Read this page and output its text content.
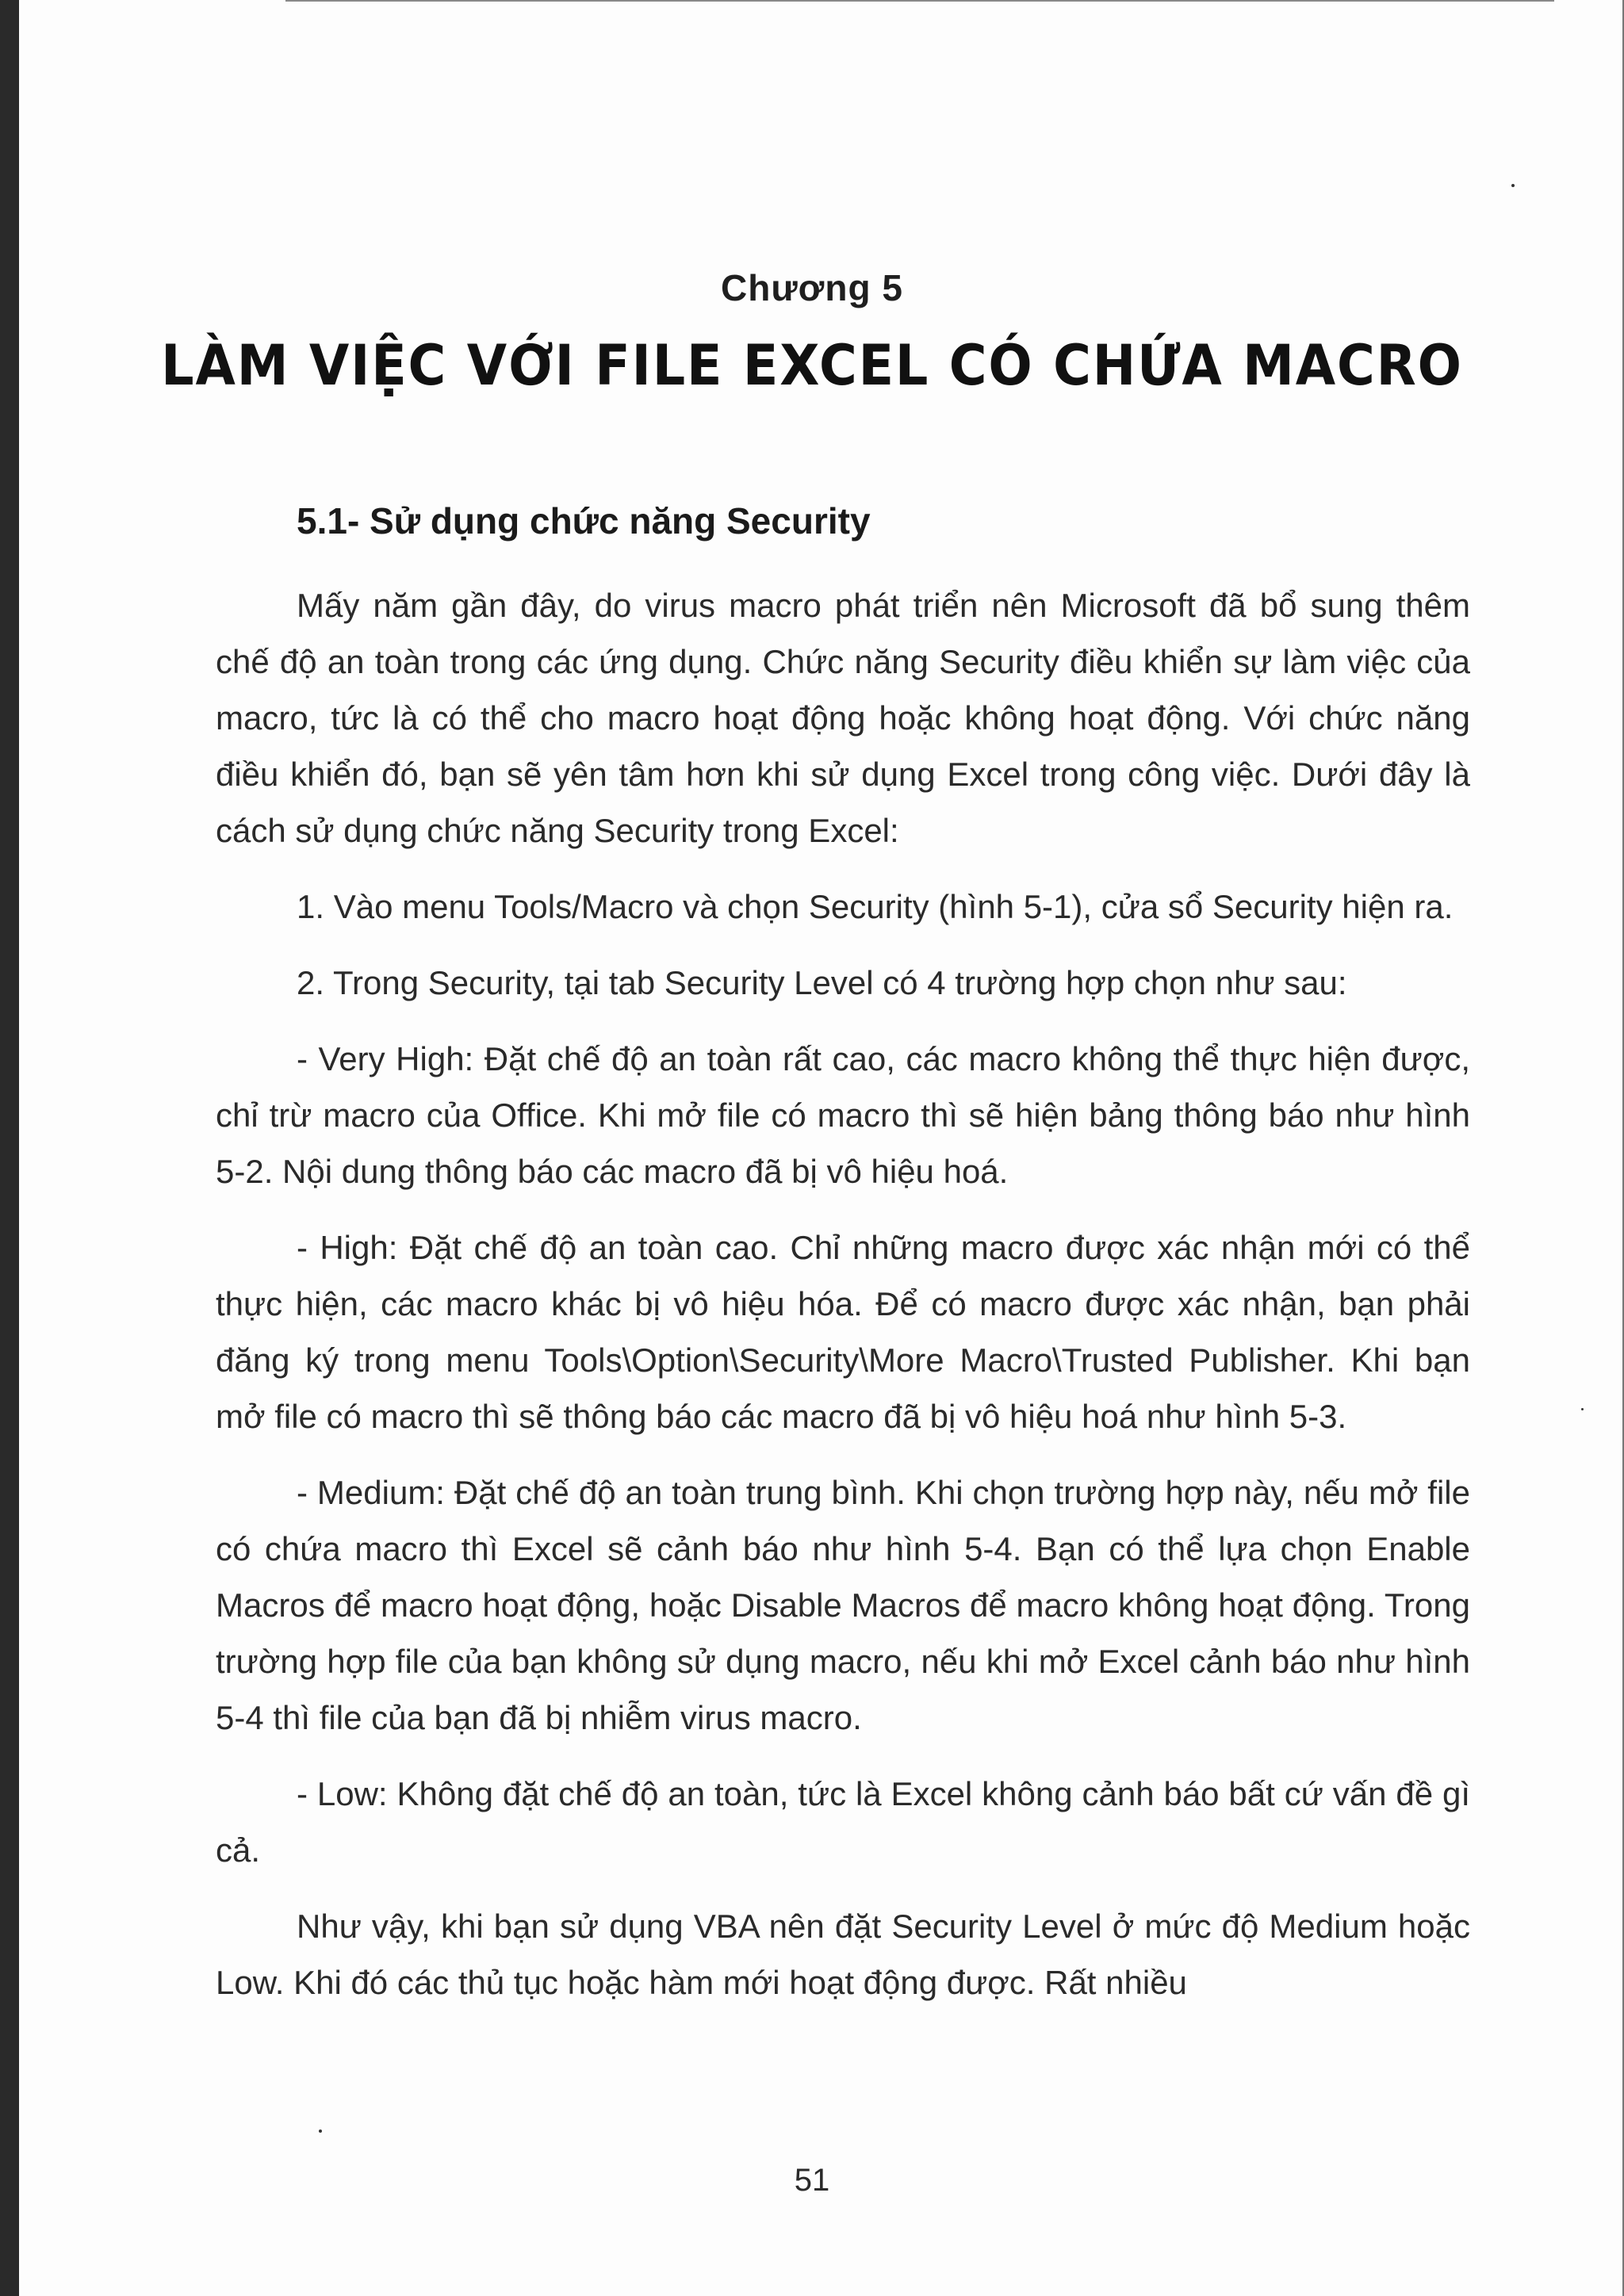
Chương 5
LÀM VIỆC VỚI FILE EXCEL CÓ CHỨA MACRO
5.1- Sử dụng chức năng Security

Mấy năm gần đây, do virus macro phát triển nên Microsoft đã bổ sung thêm chế độ an toàn trong các ứng dụng. Chức năng Security điều khiển sự làm việc của macro, tức là có thể cho macro hoạt động hoặc không hoạt động. Với chức năng điều khiển đó, bạn sẽ yên tâm hơn khi sử dụng Excel trong công việc. Dưới đây là cách sử dụng chức năng Security trong Excel:

1. Vào menu Tools/Macro và chọn Security (hình 5-1), cửa sổ Security hiện ra.

2. Trong Security, tại tab Security Level có 4 trường hợp chọn như sau:

- Very High: Đặt chế độ an toàn rất cao, các macro không thể thực hiện được, chỉ trừ macro của Office. Khi mở file có macro thì sẽ hiện bảng thông báo như hình 5-2. Nội dung thông báo các macro đã bị vô hiệu hoá.

- High: Đặt chế độ an toàn cao. Chỉ những macro được xác nhận mới có thể thực hiện, các macro khác bị vô hiệu hóa. Để có macro được xác nhận, bạn phải đăng ký trong menu Tools\Option\Security\More Macro\Trusted Publisher. Khi bạn mở file có macro thì sẽ thông báo các macro đã bị vô hiệu hoá như hình 5-3.

- Medium: Đặt chế độ an toàn trung bình. Khi chọn trường hợp này, nếu mở file có chứa macro thì Excel sẽ cảnh báo như hình 5-4. Bạn có thể lựa chọn Enable Macros để macro hoạt động, hoặc Disable Macros để macro không hoạt động. Trong trường hợp file của bạn không sử dụng macro, nếu khi mở Excel cảnh báo như hình 5-4 thì file của bạn đã bị nhiễm virus macro.

- Low: Không đặt chế độ an toàn, tức là Excel không cảnh báo bất cứ vấn đề gì cả.

Như vậy, khi bạn sử dụng VBA nên đặt Security Level ở mức độ Medium hoặc Low. Khi đó các thủ tục hoặc hàm mới hoạt động được. Rất nhiều

51
